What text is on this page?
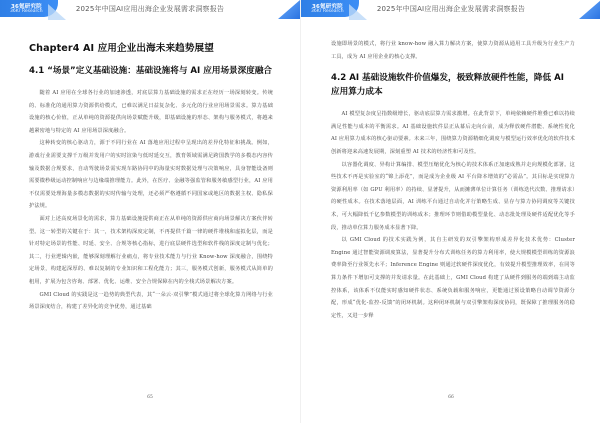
36氪研究院
36Kr Research	2025年中国AI应用出海企业发展需求洞察报告
Chapter4 AI 应用企业出海未来趋势展望
4.1 “场景”定义基础设施：基础设施将与 AI 应用场景深度融合

随着 AI 应用在全球各行业的加速渗透，对底层算力基础设施的需求正在经历一场深刻转变。传统的、标准化的通用算力资源供给模式，已难以满足日益复杂化、多元化的行业应用场景需求。算力基础设施的核心价值，正从单纯的资源提供向场景赋能升级，即基础设施的形态、架构与服务模式，将越来越紧密地与特定的 AI 应用场景深度融合。

这种转变的核心驱动力，源于不同行业在 AI 落地应用过程中呈现出的差异化特征和挑战。例如，游戏行业需要支撑千万级并发用户的实时渲染与低时延交互，教育领域需满足跨国教学的多模态内容传输及数据合规要求，自动驾驶场景需实现车路协同中的海量实时数据处理与决策响应，具身智能设备则需要微秒级运动控制响应与边缘端推理能力。此外，在医疗、金融等强监管和服务敏感型行业，AI 应用不仅需要处理海量多模态数据的实时传输与处理，还必须严格遵循不同国家或地区的数据主权、隐私保护法规。

面对上述高度场景化的需求，算力基础设施提供商正在从单纯的资源供应商向场景解决方案伙伴转型。这一转型的关键在于：其一，技术架构深度定制，不再提供千篇一律的硬件堆栈和虚拟化层，而是针对特定场景的性能、时延、安全、合规等核心指标，进行底层硬件选型和软件栈的深度定制与优化；其二，行业逻辑内嵌，能够深刻理解行业痛点，将专业技术能力与行业 Know-how 深度融合，围绕特定场景，构建起深厚的、难以复制的专业知识和工程化能力；其三，服务模式创新，服务模式从简单的租用，扩展为包含咨询、部署、优化、运维、安全合规保障在内的全栈式场景解决方案。

GMI Cloud 的实践是这一趋势的典型代表，其“一朵云·双引擎”模式通过将全球化算力网络与行业场景深度结合，构建了差异化的竞争优势，通过基础

65
36氪研究院
36Kr Research	2025年中国AI应用出海企业发展需求洞察报告

设施即场景的模式，将行业 know-how 融入算力解决方案，使算力资源从通用工具升级为行业生产力工具，成为 AI 应用企业的核心支撑。

4.2 AI 基础设施软件价值爆发，极致释放硬件性能，降低 AI 应用算力成本

AI 模型复杂度呈指数级增长，驱动底层算力需求激增。在此背景下，单纯依赖硬件堆叠已难以持续满足性能与成本的平衡需求。AI 基础设施软件层正从幕后走向台前，成为释放硬件潜能、系统性优化 AI 应用算力成本的核心驱动要素。未来三年，围绕算力资源精细化调度与模型运行效率优化的软件技术创新将迎来高速发展期，深刻重塑 AI 技术的经济性和可及性。

以容器化调度、异构计算编排、模型压缩优化为核心的技术体系正加速成熟并走向规模化部署。这些技术不再是实验室的“锦上添花”，而是成为企业级 AI 平台降本增效的“必需品”。其目标是实现算力资源利用率（如 GPU 利用率）的持续、显著提升，从而摊薄单位计算任务（训练迭代次数、推理请求）的硬性成本。在技术落地层面，AI 训练平台通过自动化并行策略生成、显存与算力协同调度等关键技术，可大幅降低千亿参数模型的训练成本；推理环节则借助模型量化、动态批处理及硬件适配优化等手段，推动单位算力服务成本显著下降。

以 GMI Cloud 的技术实践为例，其自主研发的双引擎架构形成差异化技术优势：Cluster Engine 通过智能资源调度算法，显著提升分布式训练任务的算力利用率，使大规模模型训练的资源浪费率降至行业领先水平；Inference Engine 则通过软硬件深度优化，有效提升模型推理效率，在同等算力条件下增加可支撑的并发请求量。在此基础上，GMI Cloud 构建了从硬件到服务的端到端主动监控体系，该体系不仅能实时感知硬件状态、系统负载和服务响应，更能通过预设策略自动调节资源分配，形成“优化-监控-反馈”的闭环机制。这种闭环机制与双引擎架构深度协同，既保障了推理服务的稳定性，又进一步释

66
